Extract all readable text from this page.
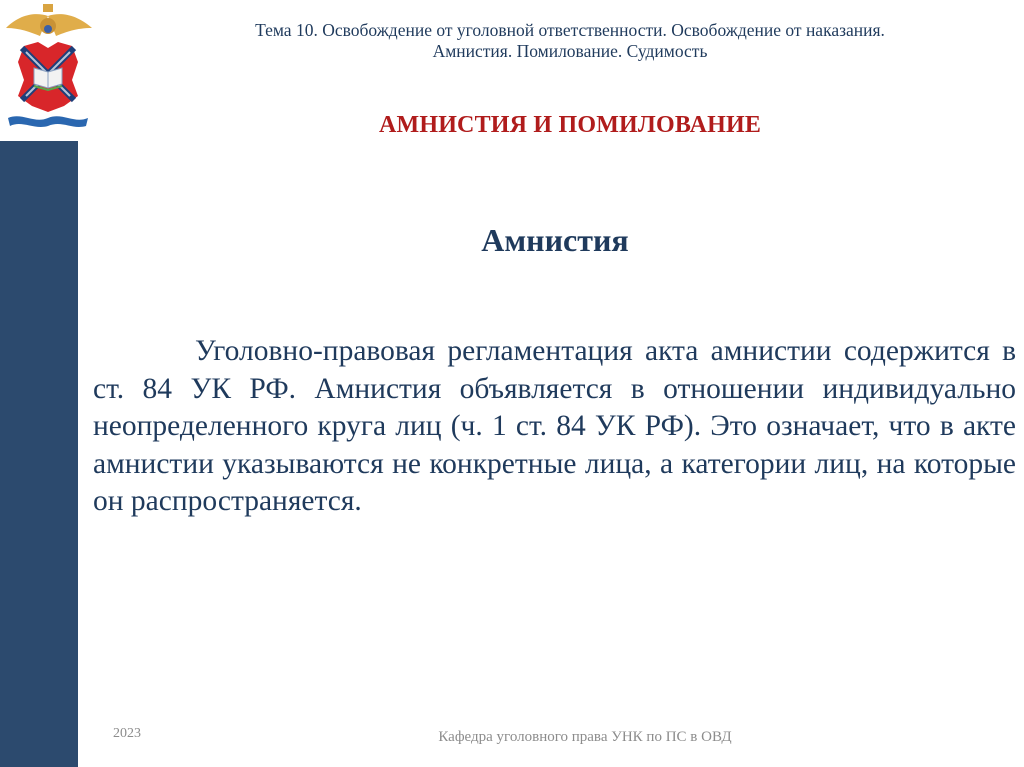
Тема 10. Освобождение от уголовной ответственности. Освобождение от наказания.
Амнистия. Помилование. Судимость
АМНИСТИЯ И ПОМИЛОВАНИЕ
Амнистия
Уголовно-правовая регламентация акта амнистии содержится в ст. 84 УК РФ. Амнистия объявляется в отношении индивидуально неопределенного круга лиц (ч. 1 ст. 84 УК РФ). Это означает, что в акте амнистии указываются не конкретные лица, а категории лиц, на которые он распространяется.
2023	Кафедра уголовного права УНК по ПС в ОВД
